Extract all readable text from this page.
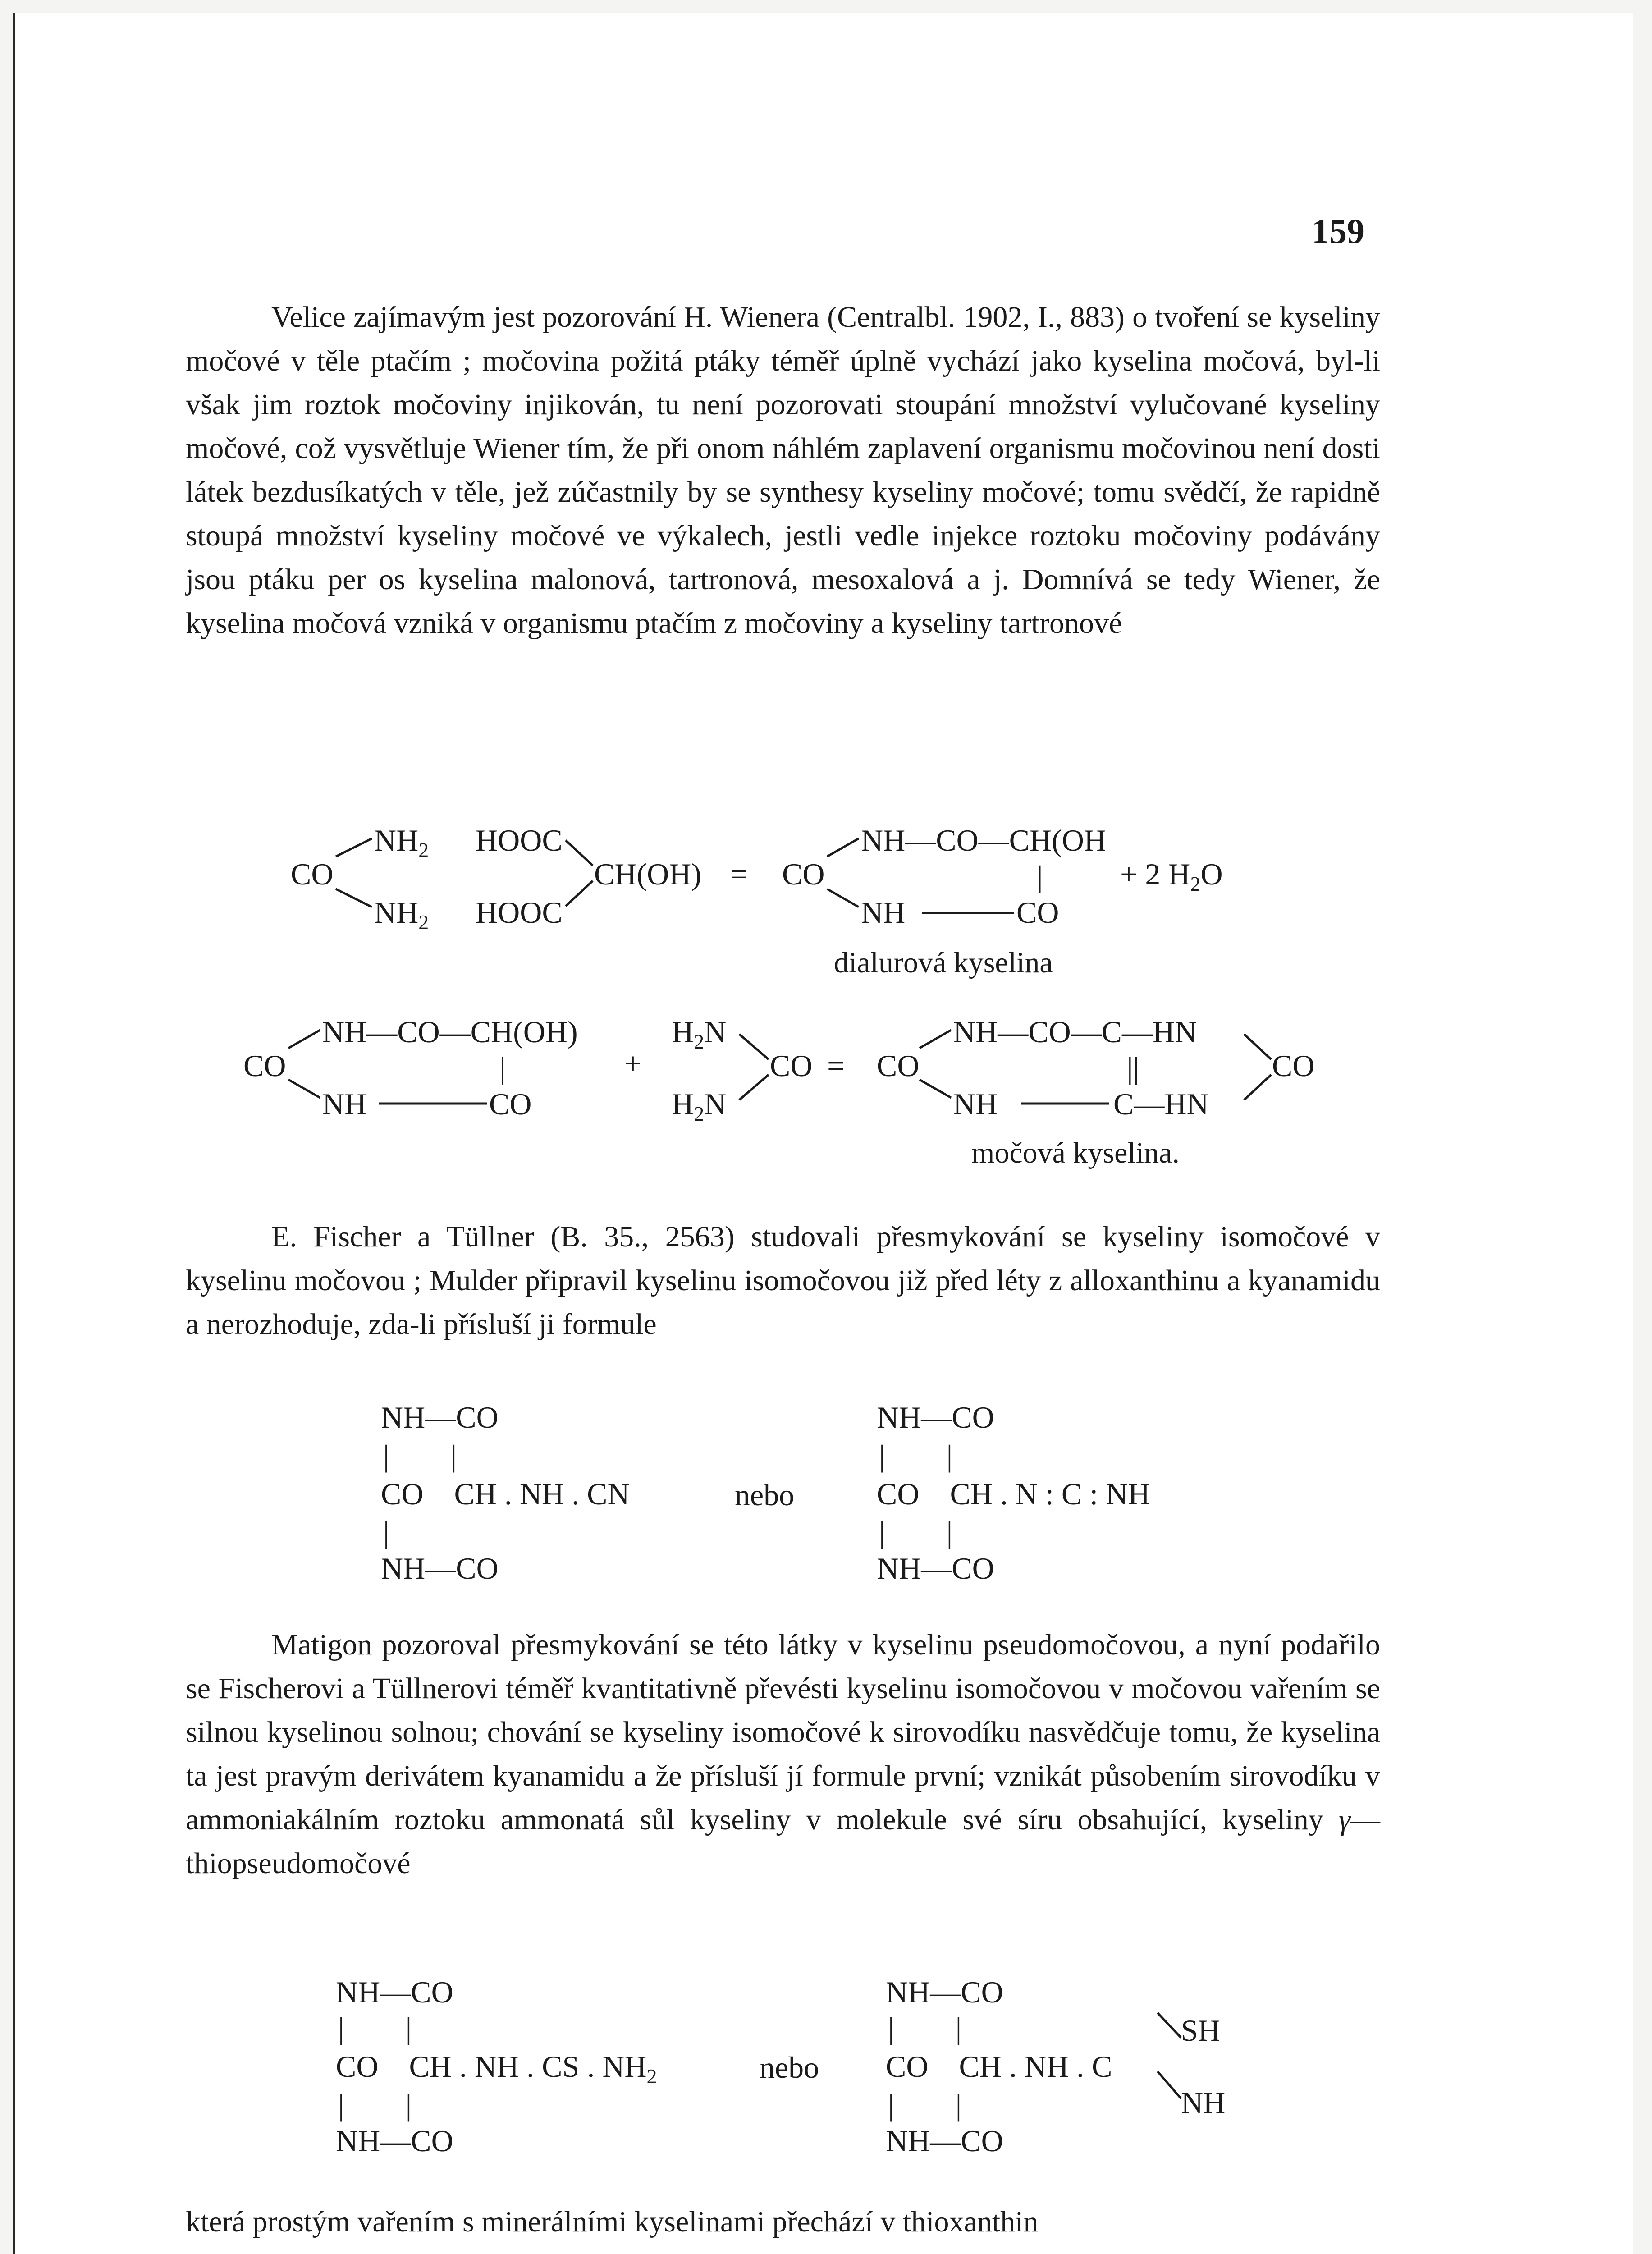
159

Velice zajímavým jest pozorování H. Wienera (Centralbl. 1902, I., 883) o tvoření se kyseliny močové v těle ptačím ; močovina požitá ptáky téměř úplně vychází jako kyselina močová, byl-li však jim roztok močoviny injikován, tu není pozorovati stoupání množství vylučované kyseliny močové, což vysvětluje Wiener tím, že při onom náhlém zaplavení organismu močovinou není dosti látek bezdusíkatých v těle, jež zúčastnily by se synthesy kyseliny močové; tomu svědčí, že rapidně stoupá množství kyseliny močové ve výkalech, jestli vedle injekce roztoku močoviny podávány jsou ptáku per os kyselina malonová, tartronová, mesoxalová a j. Domnívá se tedy Wiener, že kyselina močová vzniká v organismu ptačím z močoviny a kyseliny tartronové

CO
$NH_2$
$NH_2$
HOOC
HOOC
CH(OH) = CO
NH—CO—CH(OH
|
NH	CO
+ 2 $H_2O$
dialurová kyselina
CO
NH—CO—CH(OH)
|
NH	CO
+
$H_2N$
$H_2N$
CO = CO
NH—CO—C—HN
||
NH	C—HN
CO
močová kyselina.

E. Fischer a Tüllner (B. 35., 2563) studovali přesmykování se kyseliny isomočové v kyselinu močovou ; Mulder připravil kyselinu isomočovou již před léty z alloxanthinu a kyanamidu a nerozhoduje, zda-li přísluší ji formule

NH—CO
|        |
CO    CH . NH . CN
|
NH—CO
nebo
NH—CO
|        |
CO    CH . N : C : NH
|        |
NH—CO

Matigon pozoroval přesmykování se této látky v kyselinu pseudomočovou, a nyní podařilo se Fischerovi a Tüllnerovi téměř kvantitativně převésti kyselinu isomočovou v močovou vařením se silnou kyselinou solnou; chování se kyseliny isomočové k sirovodíku nasvědčuje tomu, že kyselina ta jest pravým derivátem kyanamidu a že přísluší jí formule první; vznikát působením sirovodíku v ammoniakálním roztoku ammonatá sůl kyseliny v molekule své síru obsahující, kyseliny γ—thiopseudomočové

NH—CO
|        |
CO    CH . NH . CS . $NH_2$
|        |
NH—CO
nebo
NH—CO
|        |
CO    CH . NH . C
SH
NH
|        |
NH—CO

která prostým vařením s minerálními kyselinami přechází v thioxanthin
